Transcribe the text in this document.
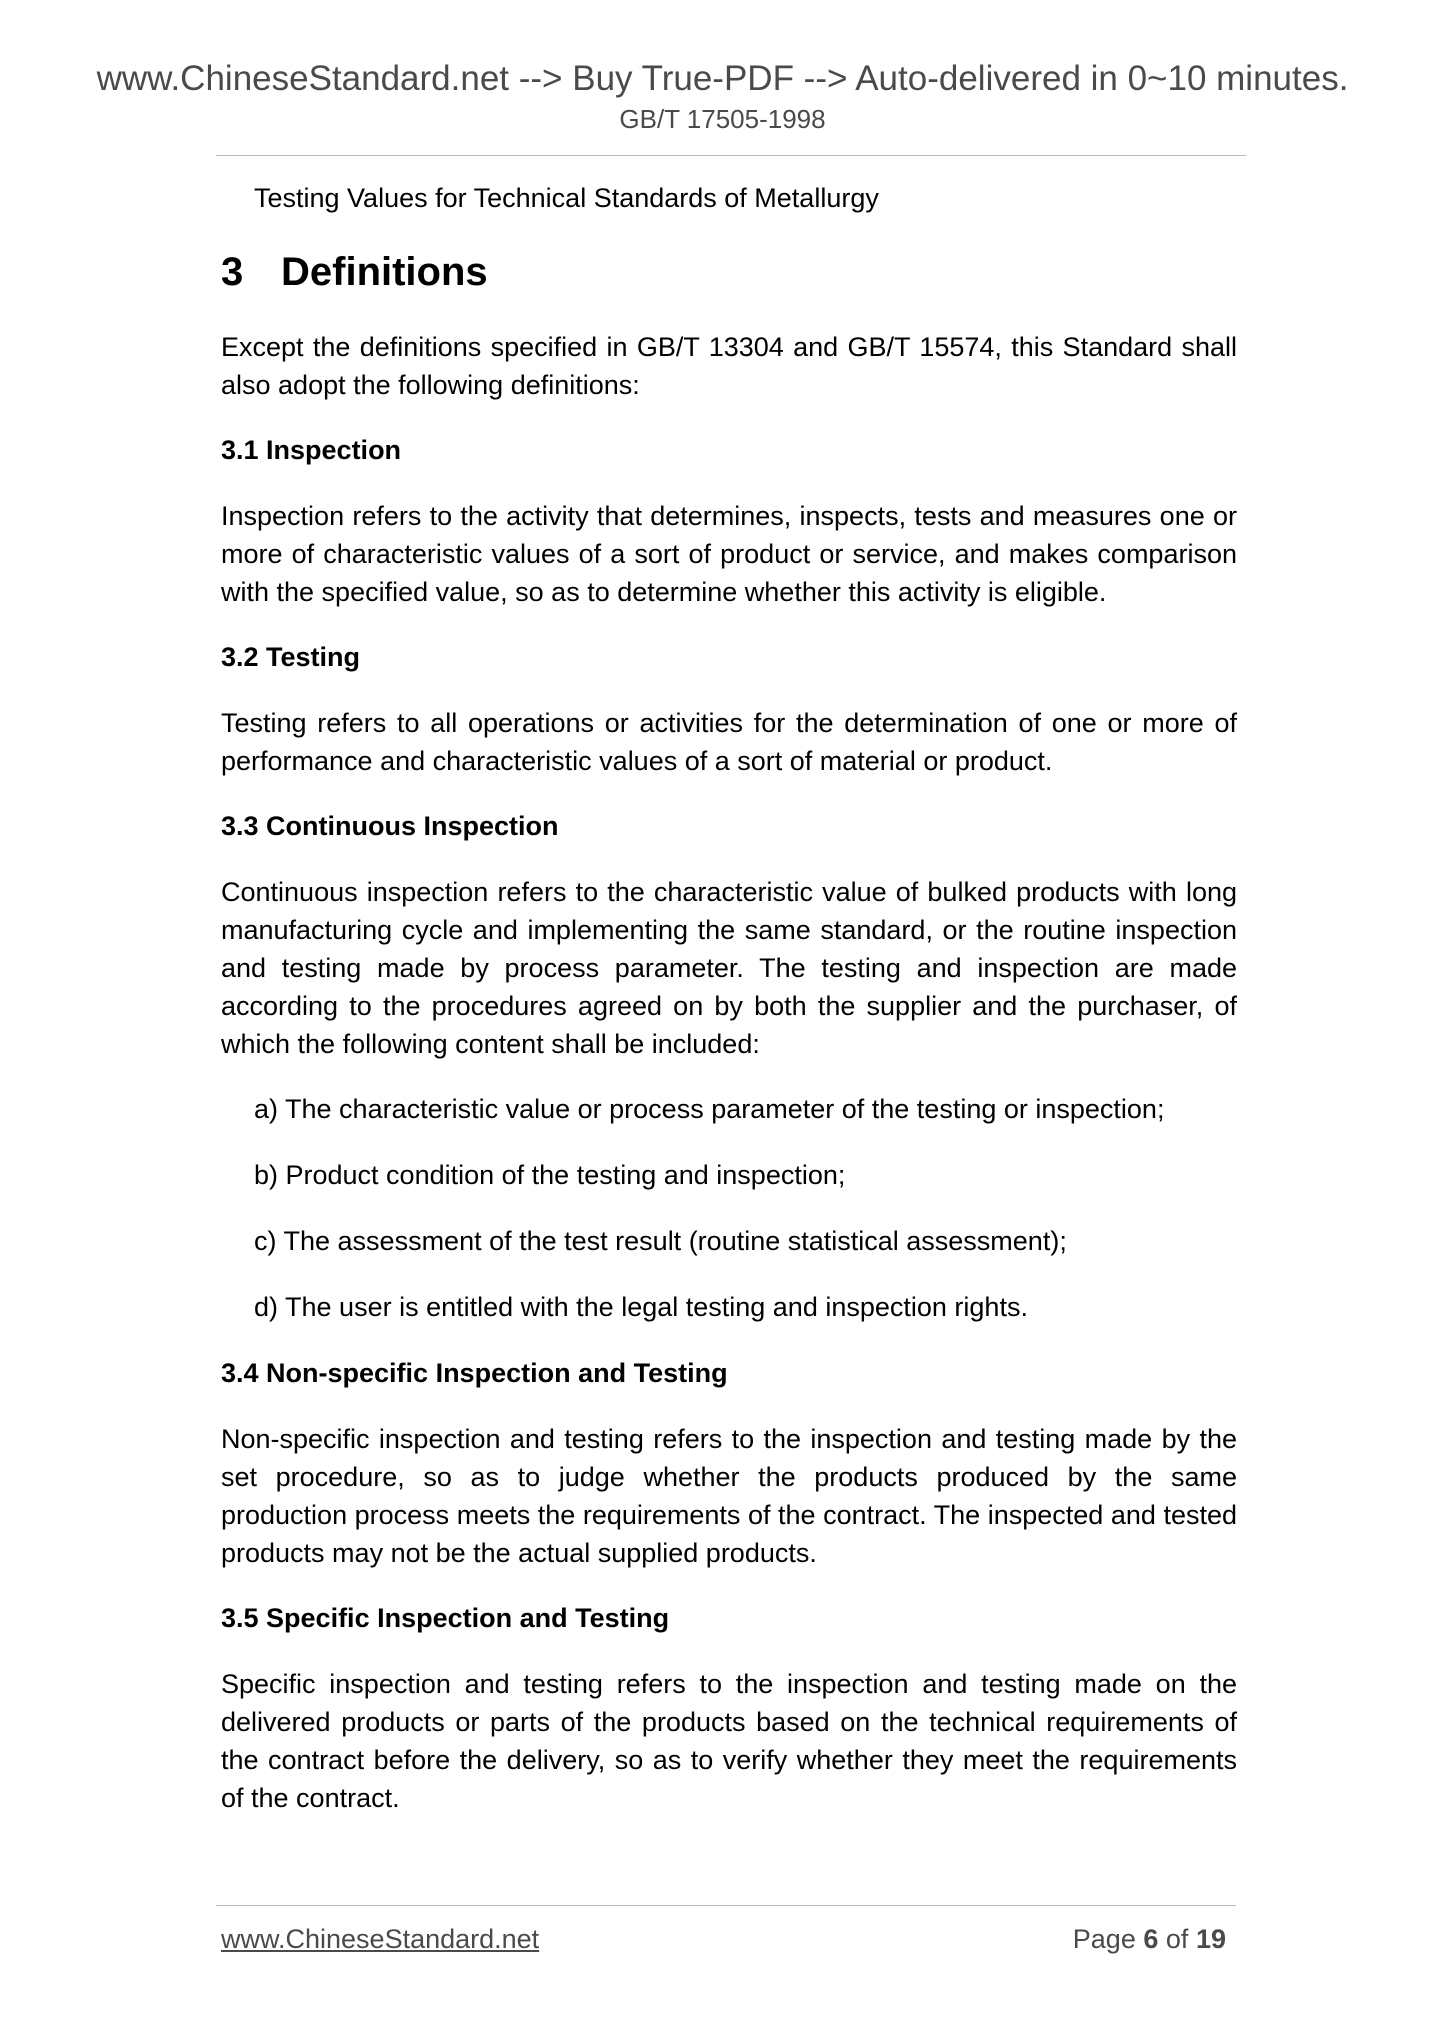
www.ChineseStandard.net --> Buy True-PDF --> Auto-delivered in 0~10 minutes.
GB/T 17505-1998
Testing Values for Technical Standards of Metallurgy
3 Definitions

Except the definitions specified in GB/T 13304 and GB/T 15574, this Standard shall also adopt the following definitions:

3.1 Inspection

Inspection refers to the activity that determines, inspects, tests and measures one or more of characteristic values of a sort of product or service, and makes comparison with the specified value, so as to determine whether this activity is eligible.

3.2 Testing

Testing refers to all operations or activities for the determination of one or more of performance and characteristic values of a sort of material or product.

3.3 Continuous Inspection

Continuous inspection refers to the characteristic value of bulked products with long manufacturing cycle and implementing the same standard, or the routine inspection and testing made by process parameter. The testing and inspection are made according to the procedures agreed on by both the supplier and the purchaser, of which the following content shall be included:

a) The characteristic value or process parameter of the testing or inspection;
b) Product condition of the testing and inspection;
c) The assessment of the test result (routine statistical assessment);
d) The user is entitled with the legal testing and inspection rights.
3.4 Non-specific Inspection and Testing

Non-specific inspection and testing refers to the inspection and testing made by the set procedure, so as to judge whether the products produced by the same production process meets the requirements of the contract. The inspected and tested products may not be the actual supplied products.

3.5 Specific Inspection and Testing

Specific inspection and testing refers to the inspection and testing made on the delivered products or parts of the products based on the technical requirements of the contract before the delivery, so as to verify whether they meet the requirements of the contract.

www.ChineseStandard.net	Page 6 of 19
